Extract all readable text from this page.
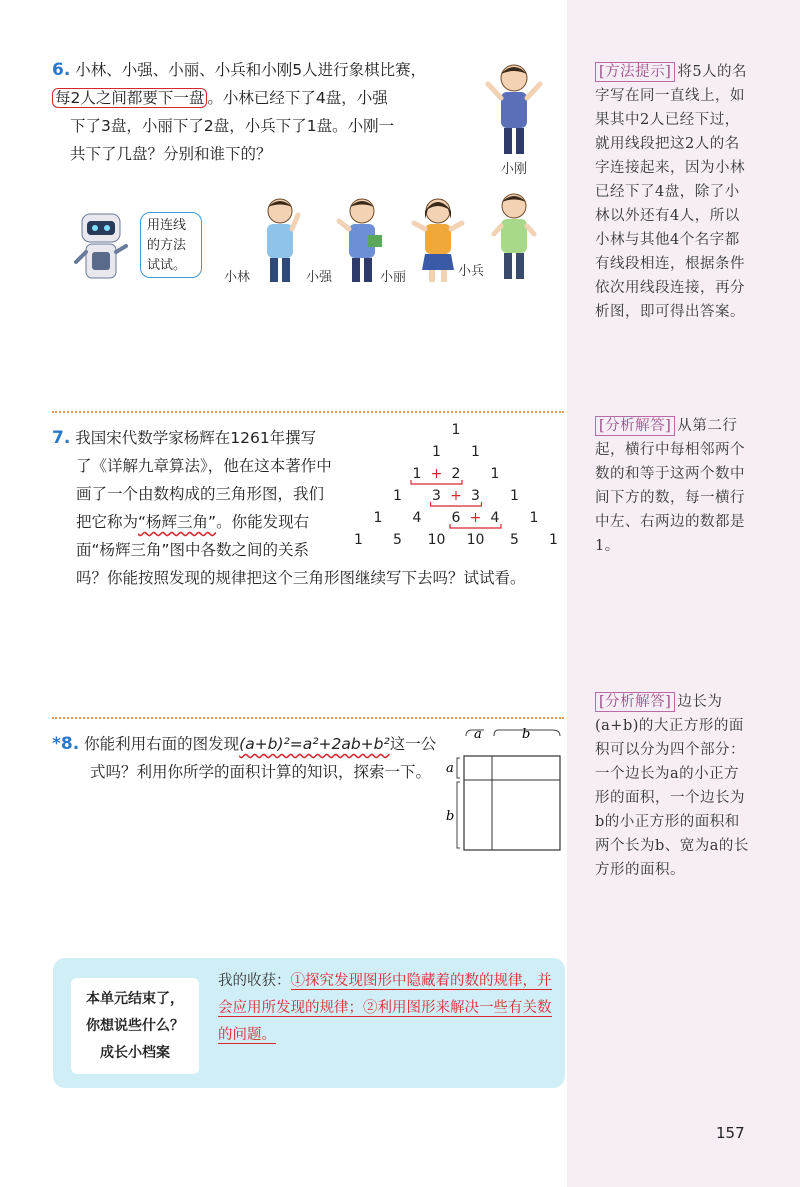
6. 小林、小强、小丽、小兵和小刚5人进行象棋比赛，

每2人之间都要下一盘 。小林已经下了4盘，小强

下了3盘，小丽下了2盘，小兵下了1盘。小刚一

共下了几盘？分别和谁下的？

小刚
用连线
的方法
试试。
小林	小强	小丽	小兵
[方法提示] 将5人的名字写在同一直线上，如果其中2人已经下过，就用线段把这2人的名字连接起来，因为小林已经下了4盘，除了小林以外还有4人，所以小林与其他4个名字都有线段相连，根据条件依次用线段连接，再分析图，即可得出答案。

7. 我国宋代数学家杨辉在1261年撰写

了《详解九章算法》，他在这本著作中

画了一个由数构成的三角形图，我们

把它称为“杨辉三角”。你能发现右

面“杨辉三角”图中各数之间的关系

吗？你能按照发现的规律把这个三角形图继续写下去吗？试试看。

1
1 1
1 2 1
1 3 3 1
1 4 6 4 1
1 5 10 10 5 1
+
+
+
[分析解答] 从第二行起，横行中每相邻两个数的和等于这两个数中间下方的数，每一横行中左、右两边的数都是1。

*8. 你能利用右面的图发现(a+b)²=a²+2ab+b²这一公

式吗？利用你所学的面积计算的知识，探索一下。

a	b
a
b
[分析解答] 边长为(a+b)的大正方形的面积可以分为四个部分：一个边长为a的小正方形的面积，一个边长为b的小正方形的面积和两个长为b、宽为a的长方形的面积。
本单元结束了，
你想说些什么？
成长小档案
我的收获：①探究发现图形中隐藏着的数的规律，并会应用所发现的规律；②利用图形来解决一些有关数的问题。
157
